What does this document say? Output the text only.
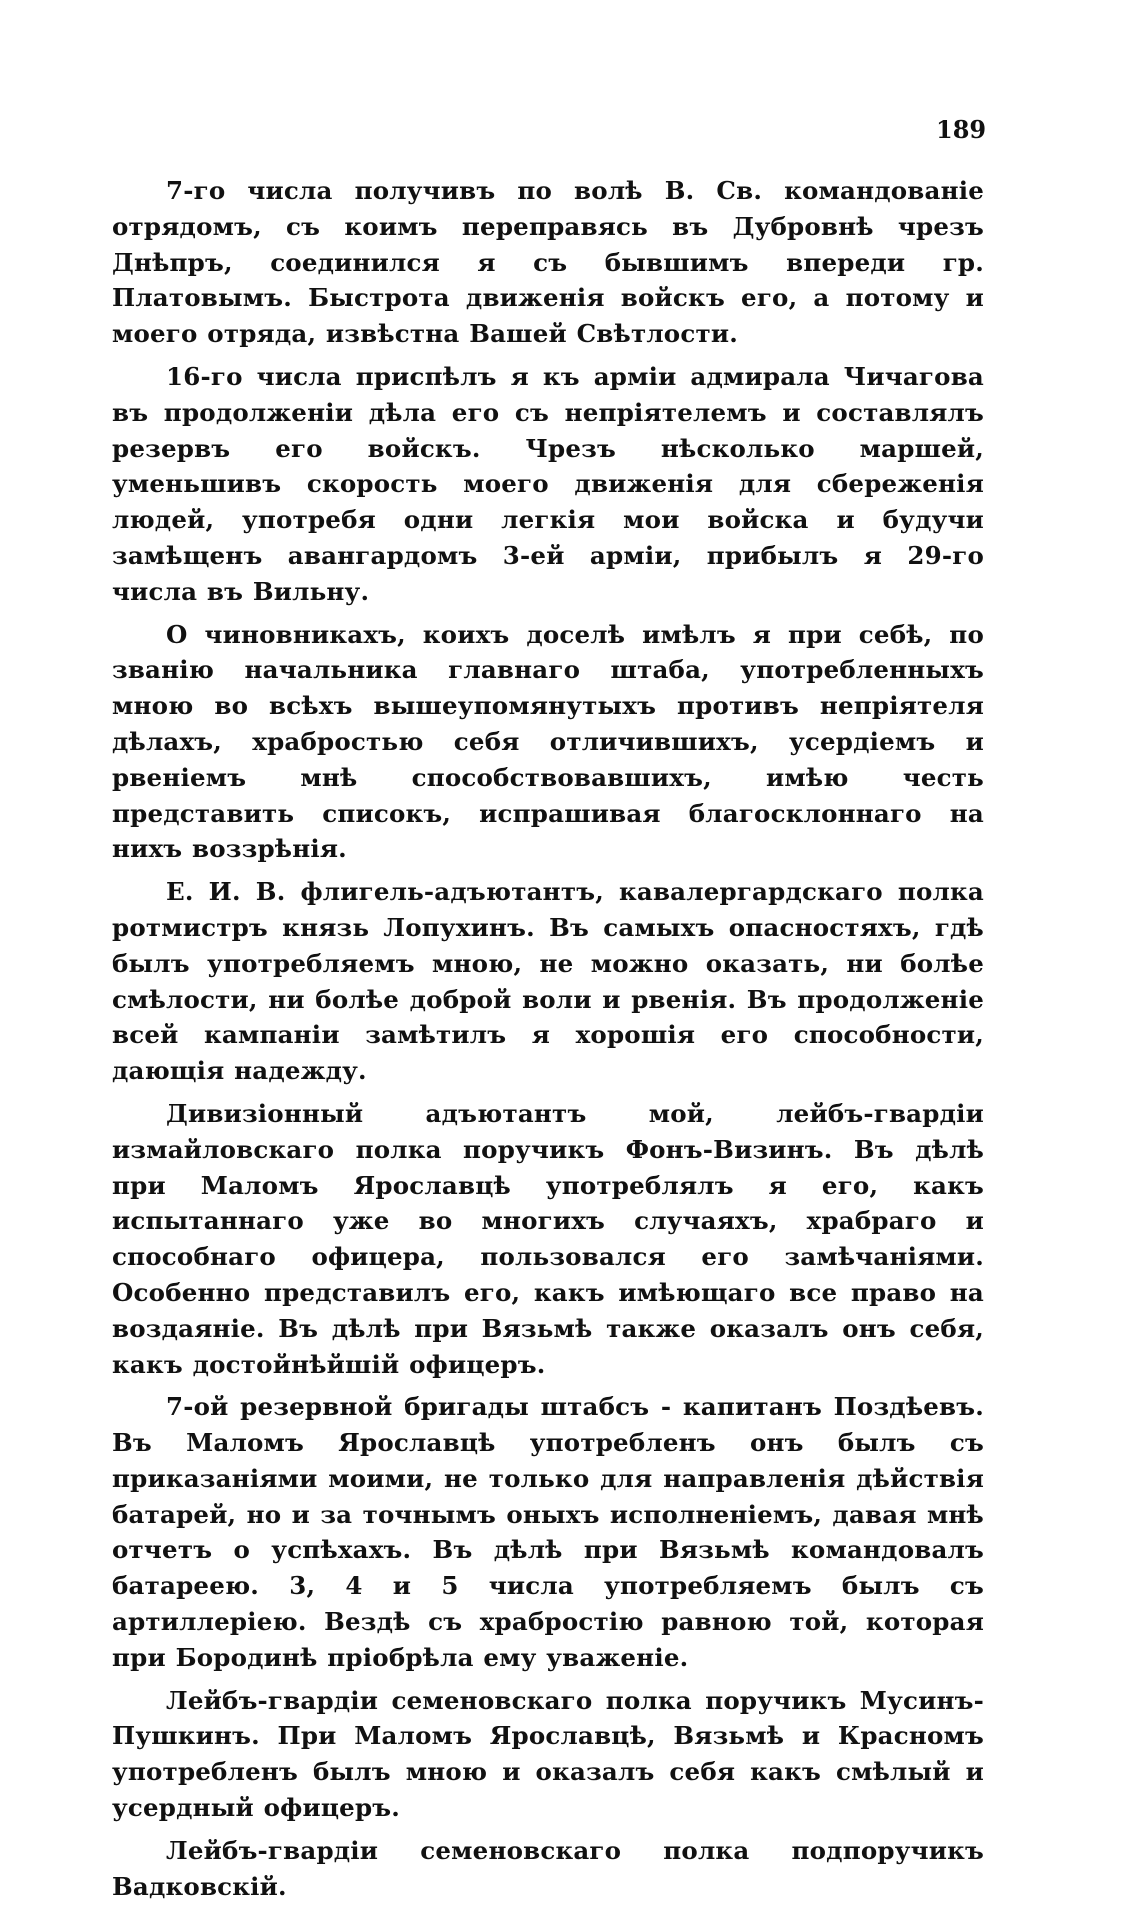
189

7-го числа получивъ по волѣ В. Св. командованіе отрядомъ, съ коимъ переправясь въ Дубровнѣ чрезъ Днѣпръ, соединился я съ бывшимъ впереди гр. Платовымъ. Быстрота движенія войскъ его, а потому и моего отряда, извѣстна Вашей Свѣтлости.

16-го числа приспѣлъ я къ арміи адмирала Чичагова въ продолженіи дѣла его съ непріятелемъ и составлялъ резервъ его войскъ. Чрезъ нѣсколько маршей, уменьшивъ скорость моего движенія для сбереженія людей, употребя одни легкія мои войска и будучи замѣщенъ авангардомъ 3-ей арміи, прибылъ я 29-го числа въ Вильну.

О чиновникахъ, коихъ доселѣ имѣлъ я при себѣ, по званію начальника главнаго штаба, употребленныхъ мною во всѣхъ вышеупомянутыхъ противъ непріятеля дѣлахъ, храбростью себя отличившихъ, усердіемъ и рвеніемъ мнѣ способствовавшихъ, имѣю честь представить списокъ, испрашивая благосклоннаго на нихъ воззрѣнія.

Е. И. В. флигель-адъютантъ, кавалергардскаго полка ротмистръ князь Лопухинъ. Въ самыхъ опасностяхъ, гдѣ былъ употребляемъ мною, не можно оказать, ни болѣе смѣлости, ни болѣе доброй воли и рвенія. Въ продолженіе всей кампаніи замѣтилъ я хорошія его способности, дающія надежду.

Дивизіонный адъютантъ мой, лейбъ-гвардіи измайловскаго полка поручикъ Фонъ-Визинъ. Въ дѣлѣ при Маломъ Ярославцѣ употреблялъ я его, какъ испытаннаго уже во многихъ случаяхъ, храбраго и способнаго офицера, пользовался его замѣчаніями. Особенно представилъ его, какъ имѣющаго все право на воздаяніе. Въ дѣлѣ при Вязьмѣ также оказалъ онъ себя, какъ достойнѣйшій офицеръ.

7-ой резервной бригады штабсъ - капитанъ Поздѣевъ. Въ Маломъ Ярославцѣ употребленъ онъ былъ съ приказаніями моими, не только для направленія дѣйствія батарей, но и за точнымъ оныхъ исполненіемъ, давая мнѣ отчетъ о успѣхахъ. Въ дѣлѣ при Вязьмѣ командовалъ батареею. 3, 4 и 5 числа употребляемъ былъ съ артиллеріею. Вездѣ съ храбростію равною той, которая при Бородинѣ пріобрѣла ему уваженіе.

Лейбъ-гвардіи семеновскаго полка поручикъ Мусинъ-Пушкинъ. При Маломъ Ярославцѣ, Вязьмѣ и Красномъ употребленъ былъ мною и оказалъ себя какъ смѣлый и усердный офицеръ.

Лейбъ-гвардіи семеновскаго полка подпоручикъ Вадковскій.
